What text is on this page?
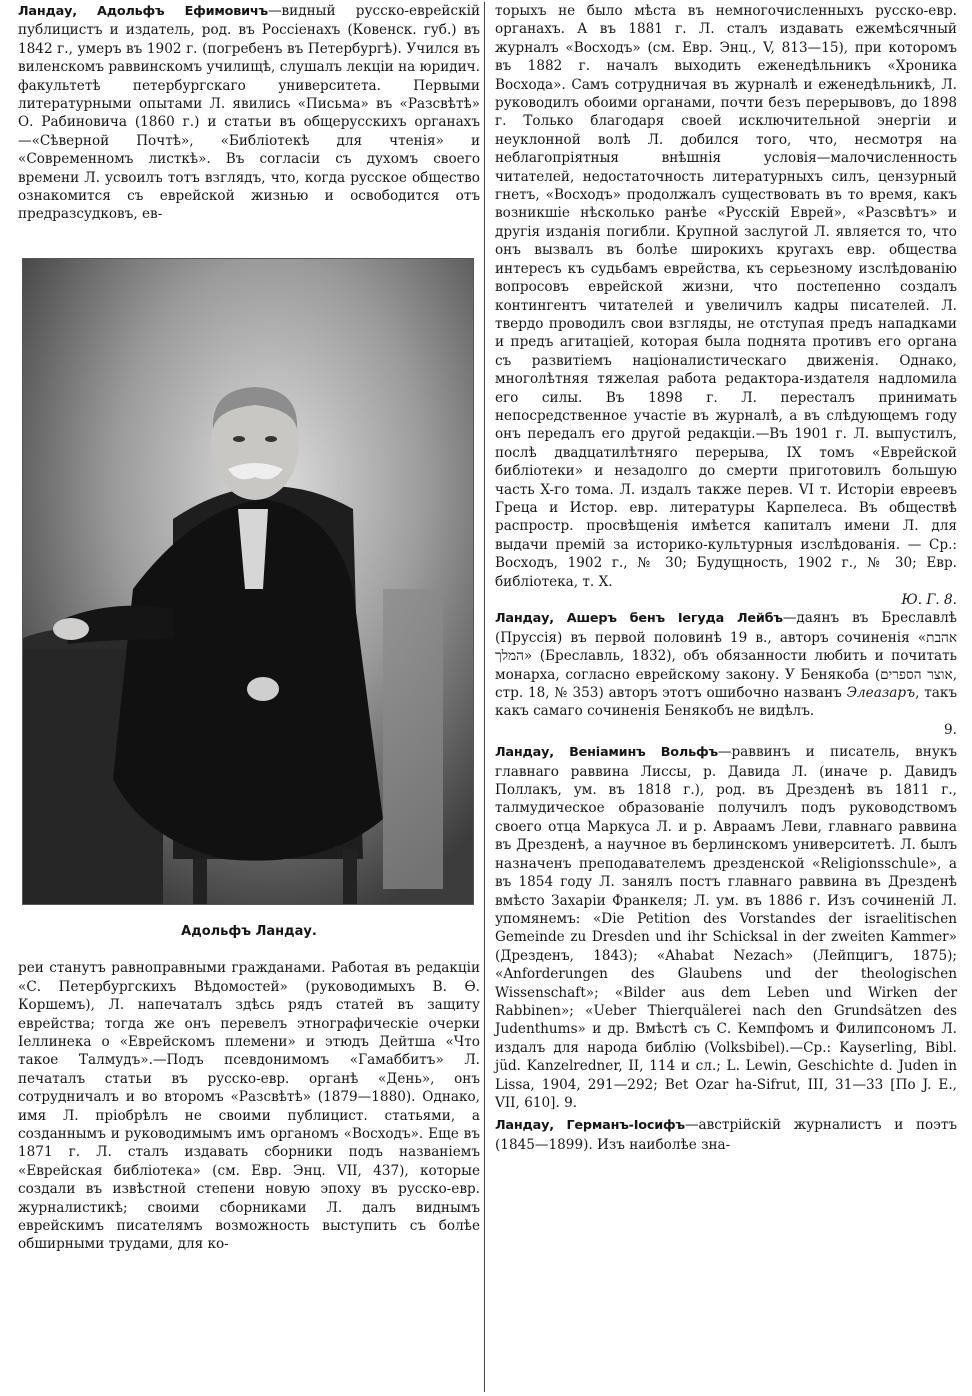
Ландау, Адольфъ Ефимовичъ—видный русско-еврейскій публицистъ и издатель, род. въ Россіенахъ (Ковенск. губ.) въ 1842 г., умеръ въ 1902 г. (погребенъ въ Петербургѣ). Учился въ виленскомъ раввинскомъ училищѣ, слушалъ лекціи на юридич. факультетѣ петербургскаго университета. Первыми литературными опытами Л. явились «Письма» въ «Разсвѣтѣ» О. Рабиновича (1860 г.) и статьи въ общерусскихъ органахъ—«Сѣверной Почтѣ», «Библіотекѣ для чтенія» и «Современномъ листкѣ». Въ согласіи съ духомъ своего времени Л. усвоилъ тотъ взглядъ, что, когда русское общество ознакомится съ еврейской жизнью и освободится отъ предразсудковъ, ев-

Адольфъ Ландау.

реи станутъ равноправными гражданами. Работая въ редакціи «С. Петербургскихъ Вѣдомостей» (руководимыхъ В. Ѳ. Коршемъ), Л. напечаталъ здѣсь рядъ статей въ защиту еврейства; тогда же онъ перевелъ этнографическіе очерки Іеллинека о «Еврейскомъ племени» и этюдъ Дейтша «Что такое Талмудъ».—Подъ псевдонимомъ «Гамаббитъ» Л. печаталъ статьи въ русско-евр. органѣ «День», онъ сотрудничалъ и во второмъ «Разсвѣтѣ» (1879—1880). Однако, имя Л. пріобрѣлъ не своими публицист. статьями, а созданнымъ и руководимымъ имъ органомъ «Восходъ». Еще въ 1871 г. Л. сталъ издавать сборники подъ названіемъ «Еврейская библіотека» (см. Евр. Энц. VII, 437), которые создали въ извѣстной степени новую эпоху въ русско-евр. журналистикѣ; своими сборниками Л. далъ виднымъ еврейскимъ писателямъ возможность выступить съ болѣе обширными трудами, для ко-

торыхъ не было мѣста въ немногочисленныхъ русско-евр. органахъ. А въ 1881 г. Л. сталъ издавать ежемѣсячный журналъ «Восходъ» (см. Евр. Энц., V, 813—15), при которомъ въ 1882 г. началъ выходить еженедѣльникъ «Хроника Восхода». Самъ сотрудничая въ журналѣ и еженедѣльникѣ, Л. руководилъ обоими органами, почти безъ перерывовъ, до 1898 г. Только благодаря своей исключительной энергіи и неуклонной волѣ Л. добился того, что, несмотря на неблагопріятныя внѣшнія условія—малочисленность читателей, недостаточность литературныхъ силъ, цензурный гнетъ, «Восходъ» продолжалъ существовать въ то время, какъ возникшіе нѣсколько ранѣе «Русскій Еврей», «Разсвѣтъ» и другія изданія погибли. Крупной заслугой Л. является то, что онъ вызвалъ въ болѣе широкихъ кругахъ евр. общества интересъ къ судьбамъ еврейства, къ серьезному изслѣдованію вопросовъ еврейской жизни, что постепенно создалъ контингентъ читателей и увеличилъ кадры писателей. Л. твердо проводилъ свои взгляды, не отступая предъ нападками и предъ агитаціей, которая была поднята противъ его органа съ развитіемъ націоналистическаго движенія. Однако, многолѣтняя тяжелая работа редактора-издателя надломила его силы. Въ 1898 г. Л. пересталъ принимать непосредственное участіе въ журналѣ, а въ слѣдующемъ году онъ передалъ его другой редакціи.—Въ 1901 г. Л. выпустилъ, послѣ двадцатилѣтняго перерыва, IX томъ «Еврейской библіотеки» и незадолго до смерти приготовилъ большую часть X-го тома. Л. издалъ также перев. VI т. Исторіи евреевъ Греца и Истор. евр. литературы Карпелеса. Въ обществѣ распростр. просвѣщенія имѣется капиталъ имени Л. для выдачи премій за историко-культурныя изслѣдованія. — Ср.: Восходъ, 1902 г., № 30; Будущность, 1902 г., № 30; Евр. библіотека, т. X.
Ю. Г. 8.

Ландау, Ашеръ бенъ Іегуда Лейбъ—даянъ въ Бреславлѣ (Пруссія) въ первой половинѣ 19 в., авторъ сочиненія «אהבת המלך» (Бреславль, 1832), объ обязанности любить и почитать монарха, согласно еврейскому закону. У Бенякоба (אוצר הספרים, стр. 18, № 353) авторъ этотъ ошибочно названъ Элеазаръ, такъ какъ самаго сочиненія Бенякобъ не видѣлъ.
9.

Ландау, Веніаминъ Вольфъ—раввинъ и писатель, внукъ главнаго раввина Лиссы, р. Давида Л. (иначе р. Давидъ Поллакъ, ум. въ 1818 г.), род. въ Дрезденѣ въ 1811 г., талмудическое образованіе получилъ подъ руководствомъ своего отца Маркуса Л. и р. Авраамъ Леви, главнаго раввина въ Дрезденѣ, а научное въ берлинскомъ университетѣ. Л. былъ назначенъ преподавателемъ дрезденской «Religionsschule», а въ 1854 году Л. занялъ постъ главнаго раввина въ Дрезденѣ вмѣсто Захаріи Франкеля; Л. ум. въ 1886 г. Изъ сочиненій Л. упомянемъ: «Die Petition des Vorstandes der israelitischen Gemeinde zu Dresden und ihr Schicksal in der zweiten Kammer» (Дрезденъ, 1843); «Ahabat Nezach» (Лейпцигъ, 1875); «Anforderungen des Glaubens und der theologischen Wissenschaft»; «Bilder aus dem Leben und Wirken der Rabbinen»; «Ueber Thierquälerei nach den Grundsätzen des Judenthums» и др. Вмѣстѣ съ С. Кемпфомъ и Филипсономъ Л. издалъ для народа библію (Volksbibel).—Ср.: Kayserling, Bibl. jüd. Kanzelredner, II, 114 и сл.; L. Lewin, Geschichte d. Juden in Lissa, 1904, 291—292; Bet Ozar ha-Sifrut, III, 31—33 [По J. E., VII, 610]. 9.

Ландау, Германъ-Іосифъ—австрійскій журналистъ и поэтъ (1845—1899). Изъ наиболѣе зна-
